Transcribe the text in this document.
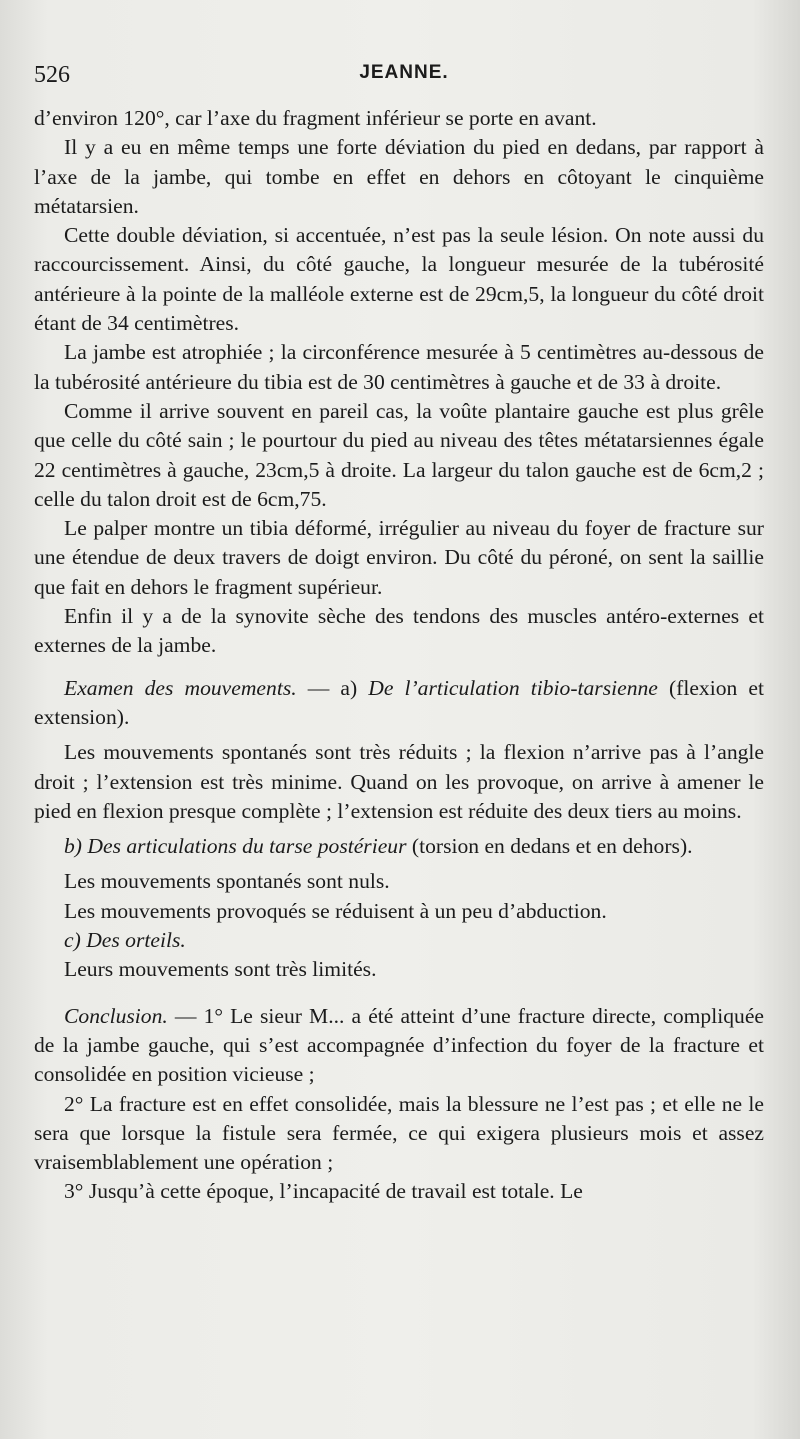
526	JEANNE.

d’environ 120°, car l’axe du fragment inférieur se porte en avant.

Il y a eu en même temps une forte déviation du pied en dedans, par rapport à l’axe de la jambe, qui tombe en effet en dehors en côtoyant le cinquième métatarsien.

Cette double déviation, si accentuée, n’est pas la seule lésion. On note aussi du raccourcissement. Ainsi, du côté gauche, la longueur mesurée de la tubérosité antérieure à la pointe de la malléole externe est de 29cm,5, la longueur du côté droit étant de 34 centimètres.

La jambe est atrophiée ; la circonférence mesurée à 5 centimètres au-dessous de la tubérosité antérieure du tibia est de 30 centimètres à gauche et de 33 à droite.

Comme il arrive souvent en pareil cas, la voûte plantaire gauche est plus grêle que celle du côté sain ; le pourtour du pied au niveau des têtes métatarsiennes égale 22 centimètres à gauche, 23cm,5 à droite. La largeur du talon gauche est de 6cm,2 ; celle du talon droit est de 6cm,75.

Le palper montre un tibia déformé, irrégulier au niveau du foyer de fracture sur une étendue de deux travers de doigt environ. Du côté du péroné, on sent la saillie que fait en dehors le fragment supérieur.

Enfin il y a de la synovite sèche des tendons des muscles antéro-externes et externes de la jambe.

Examen des mouvements. — a) De l’articulation tibio-tarsienne (flexion et extension).

Les mouvements spontanés sont très réduits ; la flexion n’arrive pas à l’angle droit ; l’extension est très minime. Quand on les provoque, on arrive à amener le pied en flexion presque complète ; l’extension est réduite des deux tiers au moins.

b) Des articulations du tarse postérieur (torsion en dedans et en dehors).

Les mouvements spontanés sont nuls.

Les mouvements provoqués se réduisent à un peu d’abduction.

c) Des orteils.

Leurs mouvements sont très limités.

Conclusion. — 1° Le sieur M... a été atteint d’une fracture directe, compliquée de la jambe gauche, qui s’est accompagnée d’infection du foyer de la fracture et consolidée en position vicieuse ;

2° La fracture est en effet consolidée, mais la blessure ne l’est pas ; et elle ne le sera que lorsque la fistule sera fermée, ce qui exigera plusieurs mois et assez vraisemblablement une opération ;

3° Jusqu’à cette époque, l’incapacité de travail est totale. Le
